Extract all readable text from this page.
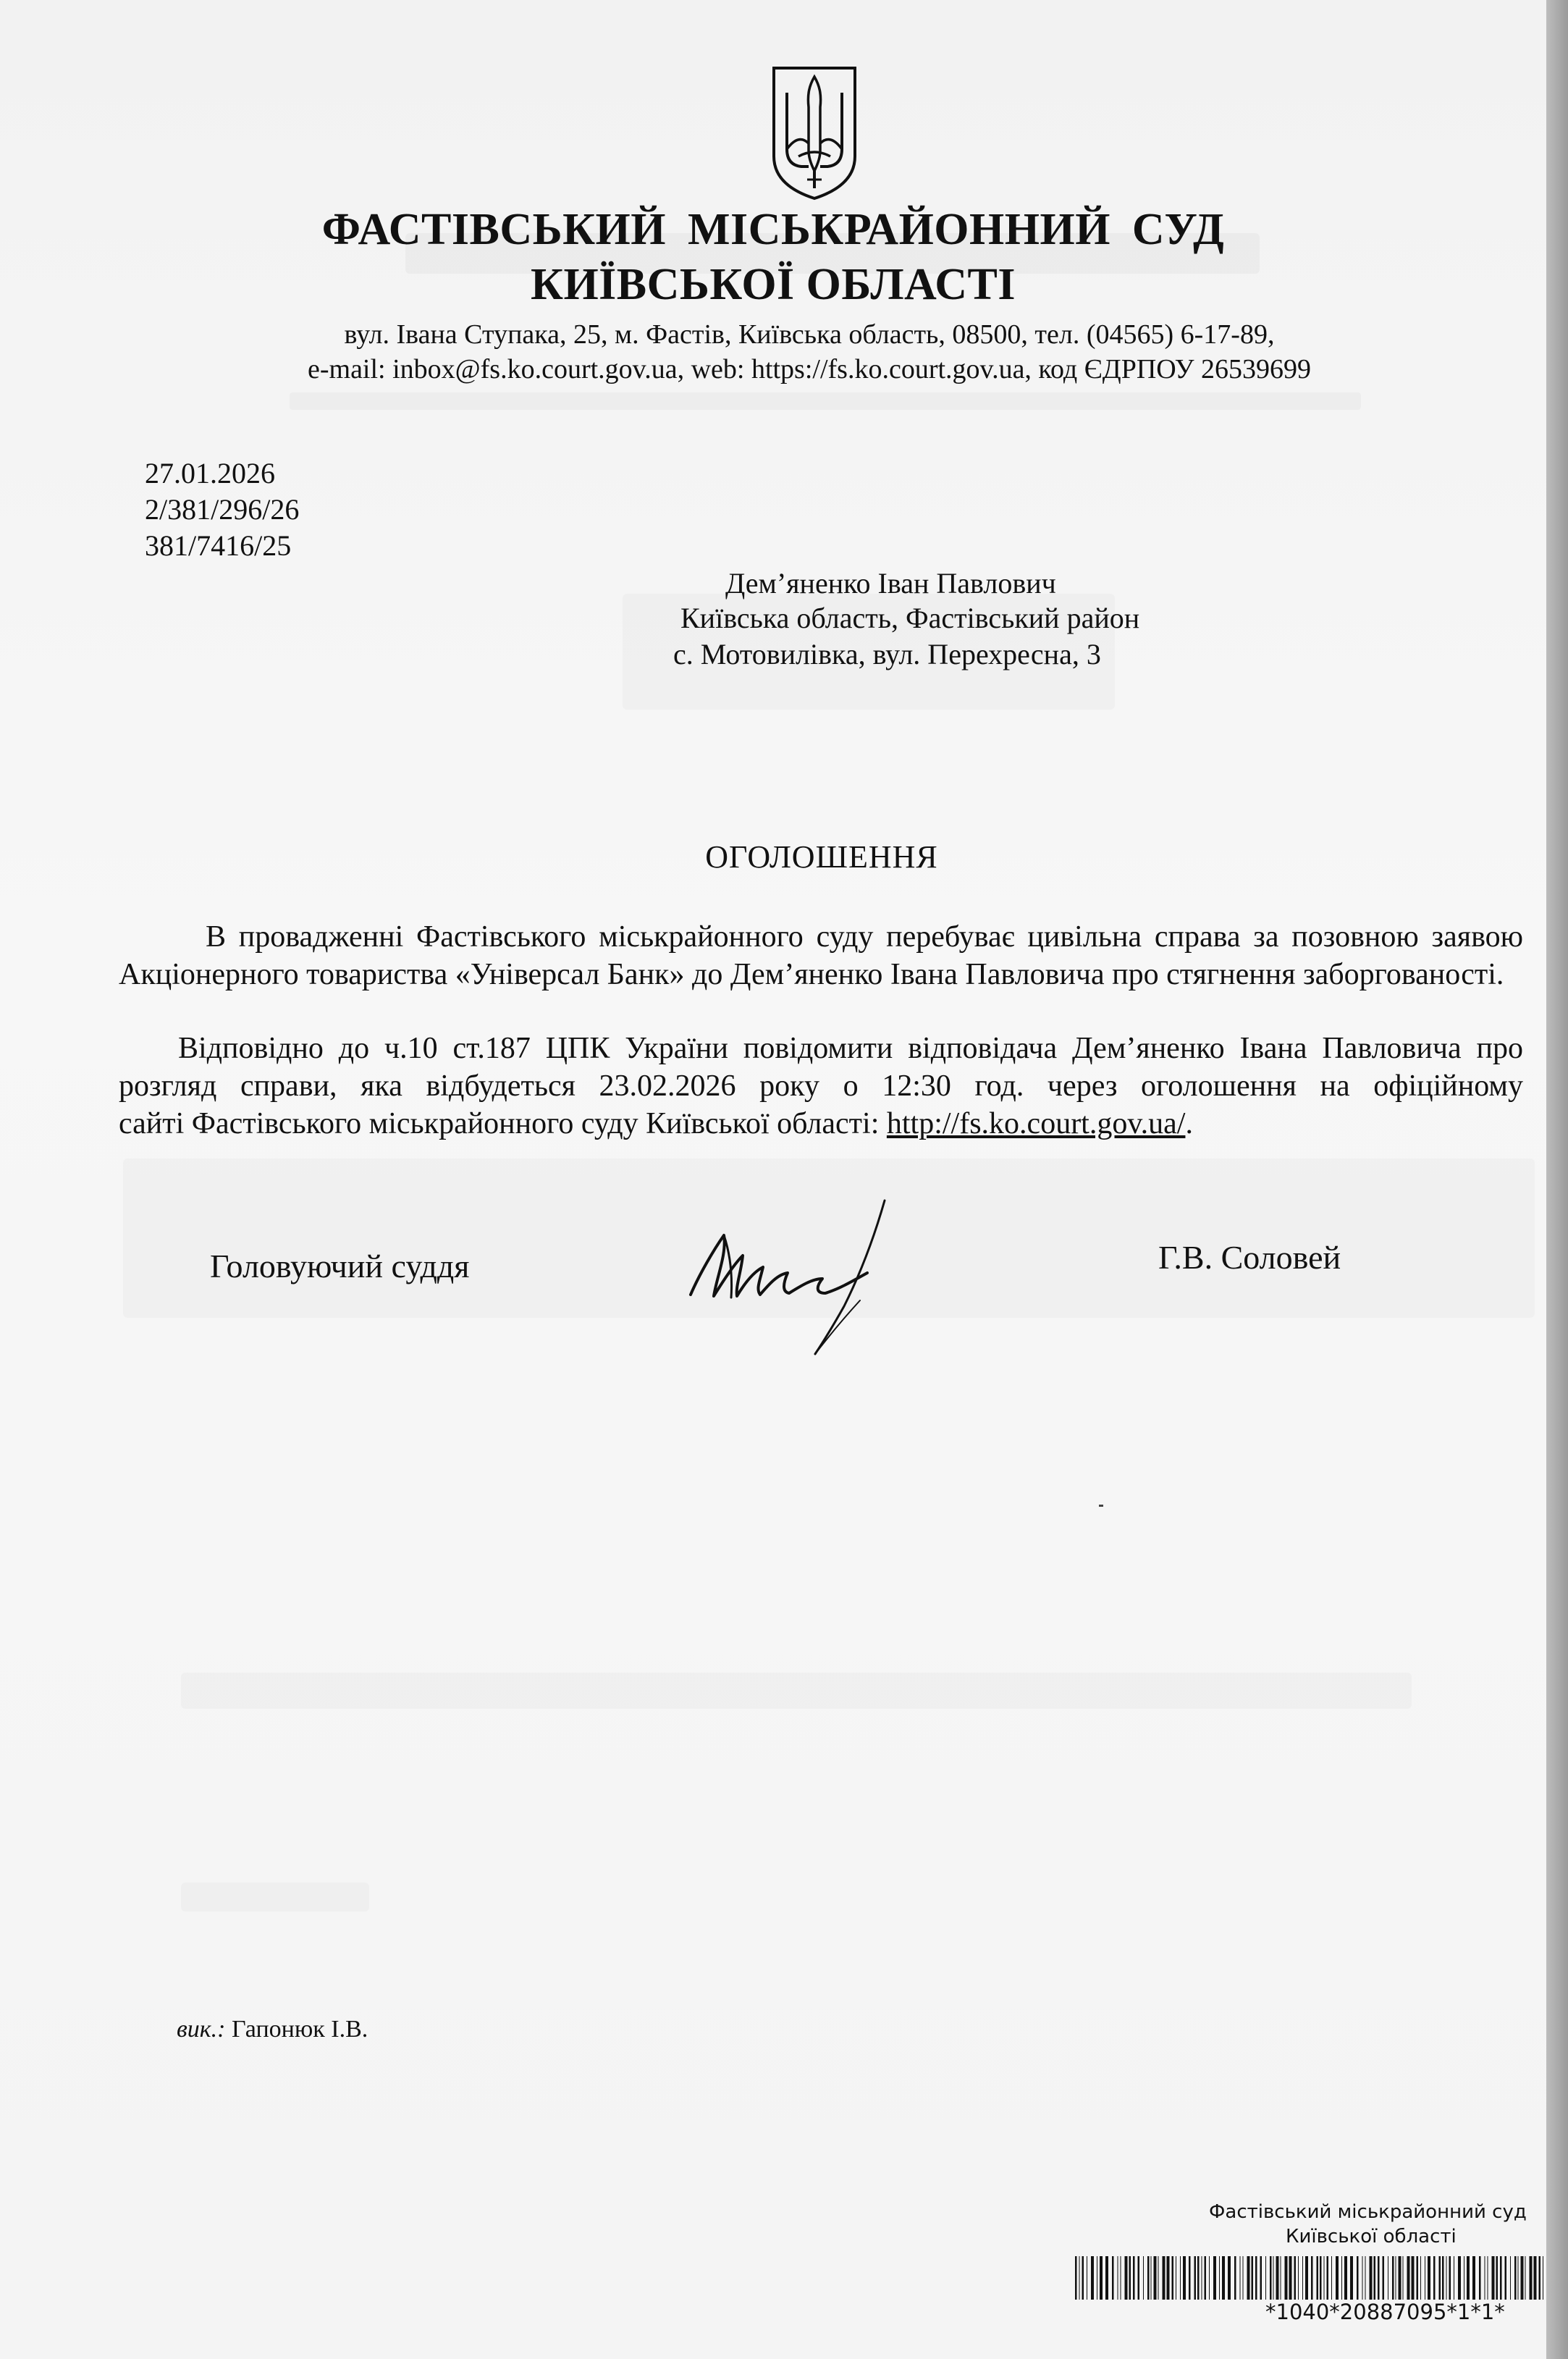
ФАСТІВСЬКИЙ МІСЬКРАЙОННИЙ СУД
КИЇВСЬКОЇ ОБЛАСТІ
вул. Івана Ступака, 25, м. Фастів, Київська область, 08500, тел. (04565) 6-17-89,
e-mail: inbox@fs.ko.court.gov.ua, web: https://fs.ko.court.gov.ua, код ЄДРПОУ 26539699
27.01.2026
2/381/296/26
381/7416/25
Дем’яненко Іван Павлович
Київська область, Фастівський район
с. Мотовилівка, вул. Перехресна, 3
ОГОЛОШЕННЯ
В провадженні Фастівського міськрайонного суду перебуває цивільна справа за позовною заявою Акціонерного товариства «Універсал Банк» до Дем’яненко Івана Павловича про стягнення заборгованості.
Відповідно до ч.10 ст.187 ЦПК України повідомити відповідача Дем’яненко Івана Павловича про розгляд справи, яка відбудеться 23.02.2026 року о 12:30 год. через оголошення на офіційному сайті Фастівського міськрайонного суду Київської області: http://fs.ko.court.gov.ua/.
Головуючий суддя	Г.В. Соловей
вик.: Гапонюк І.В.
Фастівський міськрайонний суд
Київської області
*1040*20887095*1*1*
